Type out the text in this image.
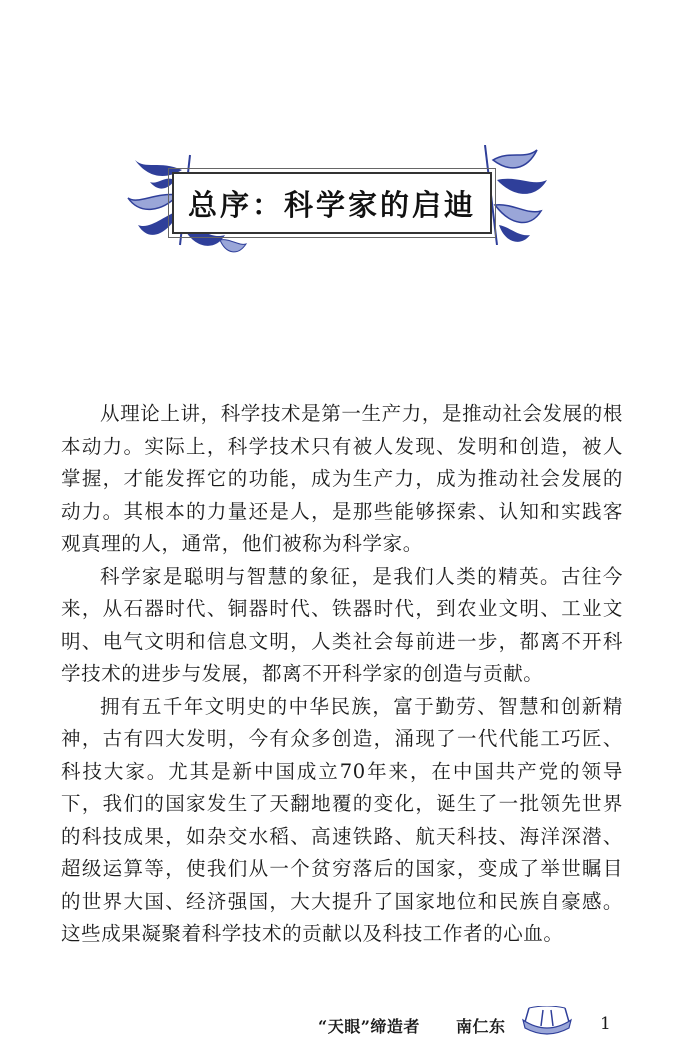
总序：科学家的启迪

从理论上讲，科学技术是第一生产力，是推动社会发展的根本动力。实际上，科学技术只有被人发现、发明和创造，被人掌握，才能发挥它的功能，成为生产力，成为推动社会发展的动力。其根本的力量还是人，是那些能够探索、认知和实践客观真理的人，通常，他们被称为科学家。

科学家是聪明与智慧的象征，是我们人类的精英。古往今来，从石器时代、铜器时代、铁器时代，到农业文明、工业文明、电气文明和信息文明，人类社会每前进一步，都离不开科学技术的进步与发展，都离不开科学家的创造与贡献。

拥有五千年文明史的中华民族，富于勤劳、智慧和创新精神，古有四大发明，今有众多创造，涌现了一代代能工巧匠、科技大家。尤其是新中国成立70年来，在中国共产党的领导下，我们的国家发生了天翻地覆的变化，诞生了一批领先世界的科技成果，如杂交水稻、高速铁路、航天科技、海洋深潜、超级运算等，使我们从一个贫穷落后的国家，变成了举世瞩目的世界大国、经济强国，大大提升了国家地位和民族自豪感。这些成果凝聚着科学技术的贡献以及科技工作者的心血。

“天眼”缔造者 南仁东	1
